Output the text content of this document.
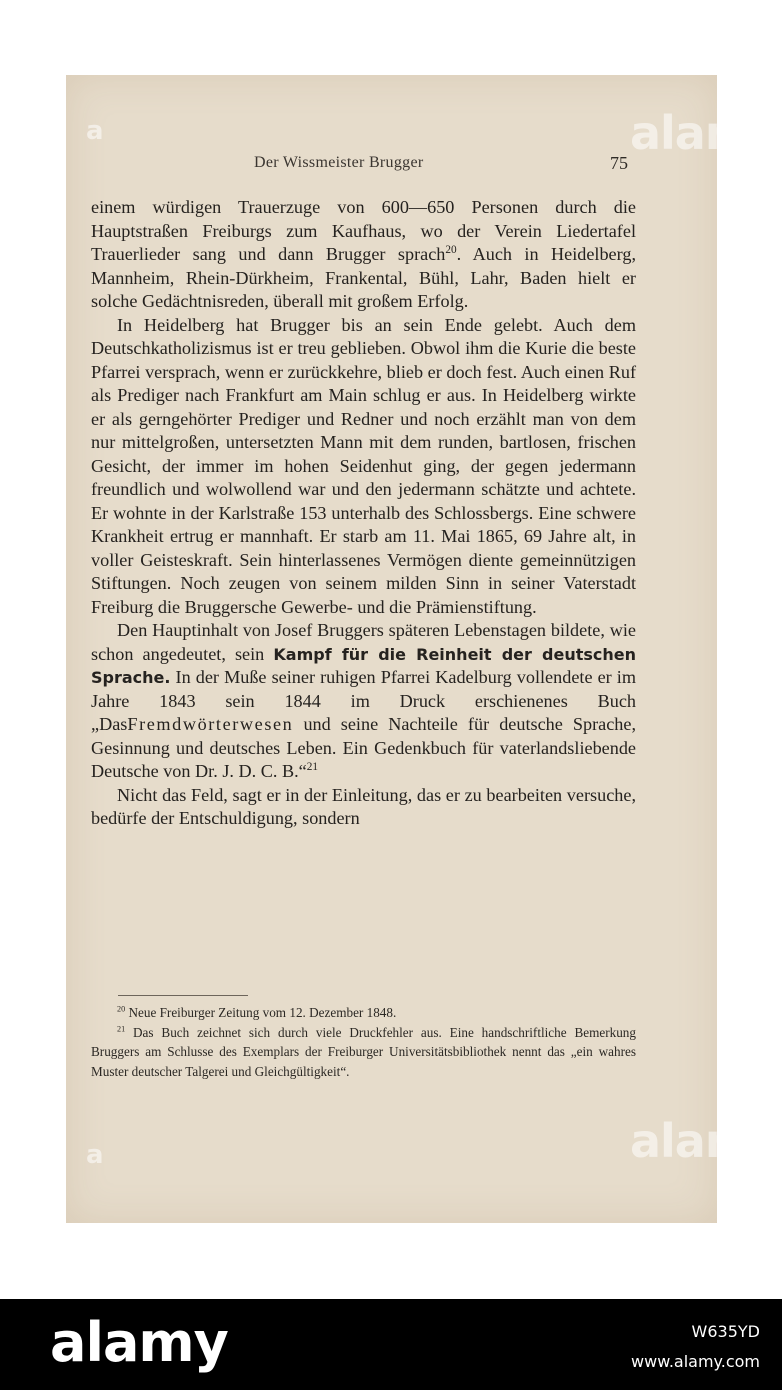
a	alamy
Der Wissmeister Brugger	75

einem würdigen Trauerzuge von 600—650 Personen durch die Hauptstraßen Freiburgs zum Kaufhaus, wo der Verein Liedertafel Trauerlieder sang und dann Brugger sprach$^{20}$. Auch in Heidelberg, Mannheim, Rhein-Dürkheim, Frankental, Bühl, Lahr, Baden hielt er solche Gedächtnisreden, überall mit großem Erfolg.

In Heidelberg hat Brugger bis an sein Ende gelebt. Auch dem Deutschkatholizismus ist er treu geblieben. Obwol ihm die Kurie die beste Pfarrei versprach, wenn er zurückkehre, blieb er doch fest. Auch einen Ruf als Prediger nach Frankfurt am Main schlug er aus. In Heidelberg wirkte er als gerngehörter Prediger und Redner und noch erzählt man von dem nur mittelgroßen, untersetzten Mann mit dem runden, bartlosen, frischen Gesicht, der immer im hohen Seidenhut ging, der gegen jedermann freundlich und wolwollend war und den jedermann schätzte und achtete. Er wohnte in der Karlstraße 153 unterhalb des Schlossbergs. Eine schwere Krankheit ertrug er mannhaft. Er starb am 11. Mai 1865, 69 Jahre alt, in voller Geisteskraft. Sein hinterlassenes Vermögen diente gemeinnützigen Stiftungen. Noch zeugen von seinem milden Sinn in seiner Vaterstadt Freiburg die Bruggersche Gewerbe- und die Prämienstiftung.

Den Hauptinhalt von Josef Bruggers späteren Lebenstagen bildete, wie schon angedeutet, sein Kampf für die Reinheit der deutschen Sprache. In der Muße seiner ruhigen Pfarrei Kadelburg vollendete er im Jahre 1843 sein 1844 im Druck erschienenes Buch „DasFremdwörterwesen und seine Nachteile für deutsche Sprache, Gesinnung und deutsches Leben. Ein Gedenkbuch für vaterlandsliebende Deutsche von Dr. J. D. C. B.“$^{21}$

Nicht das Feld, sagt er in der Einleitung, das er zu bearbeiten versuche, bedürfe der Entschuldigung, sondern

$^{20}$ Neue Freiburger Zeitung vom 12. Dezember 1848.

$^{21}$ Das Buch zeichnet sich durch viele Druckfehler aus. Eine handschriftliche Bemerkung Bruggers am Schlusse des Exemplars der Freiburger Universitätsbibliothek nennt das „ein wahres Muster deutscher Talgerei und Gleichgültigkeit“.

a	alamy
alamy	W635YD
www.alamy.com
